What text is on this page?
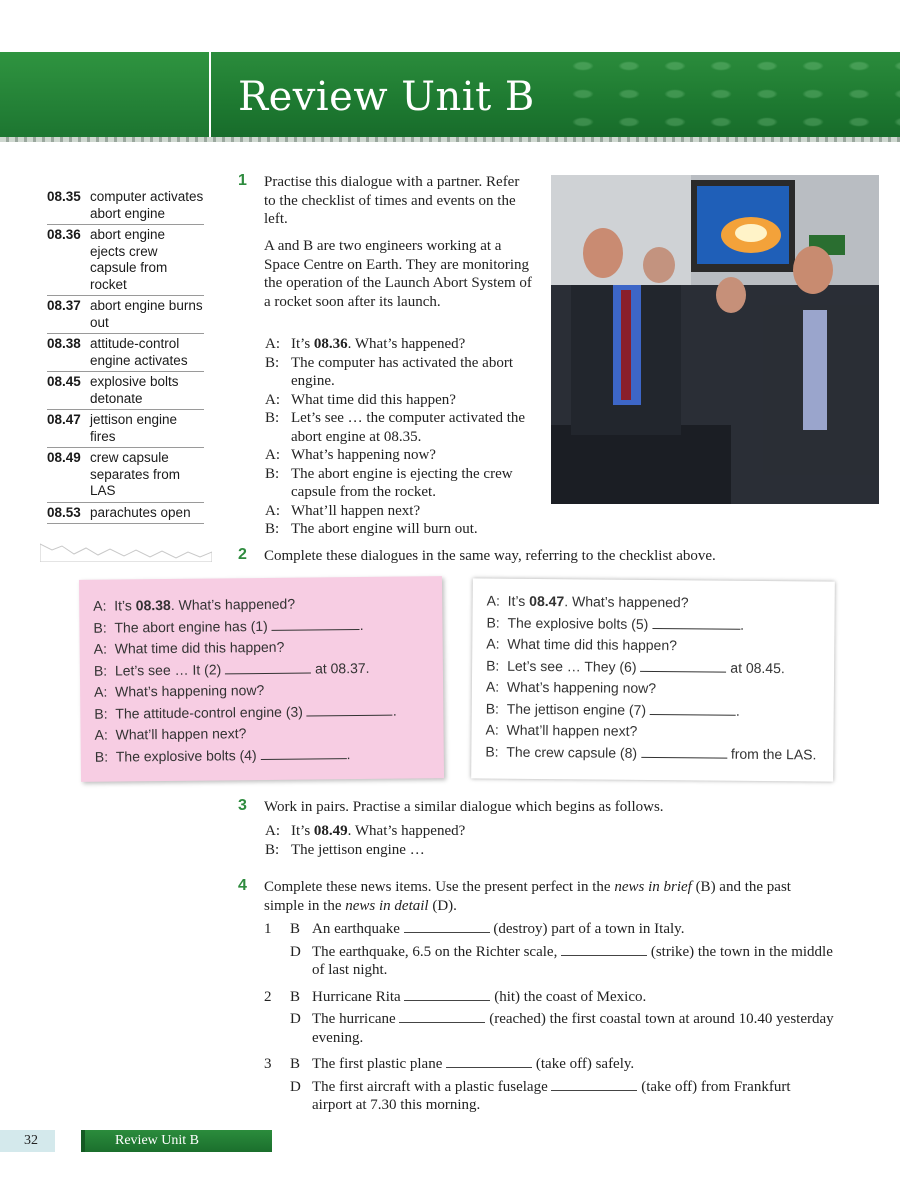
Review Unit B
08.35 computer activates abort engine
08.36 abort engine ejects crew capsule from rocket
08.37 abort engine burns out
08.38 attitude-control engine activates
08.45 explosive bolts detonate
08.47 jettison engine fires
08.49 crew capsule separates from LAS
08.53 parachutes open
1 Practise this dialogue with a partner. Refer to the checklist of times and events on the left.
A and B are two engineers working at a Space Centre on Earth. They are monitoring the operation of the Launch Abort System of a rocket soon after its launch.
A: It’s 08.36. What’s happened?
B: The computer has activated the abort engine.
A: What time did this happen?
B: Let’s see … the computer activated the abort engine at 08.35.
A: What’s happening now?
B: The abort engine is ejecting the crew capsule from the rocket.
A: What’ll happen next?
B: The abort engine will burn out.
2 Complete these dialogues in the same way, referring to the checklist above.
A: It’s 08.38. What’s happened?
B: The abort engine has (1)	.
A: What time did this happen?
B: Let’s see … It (2)	at 08.37.
A: What’s happening now?
B: The attitude-control engine (3)	.
A: What’ll happen next?
B: The explosive bolts (4)	.
A: It’s 08.47. What’s happened?
B: The explosive bolts (5)	.
A: What time did this happen?
B: Let’s see … They (6)	at 08.45.
A: What’s happening now?
B: The jettison engine (7)	.
A: What’ll happen next?
B: The crew capsule (8)	from the LAS.
3 Work in pairs. Practise a similar dialogue which begins as follows.
A: It’s 08.49. What’s happened?
B: The jettison engine …
4 Complete these news items. Use the present perfect in the news in brief (B) and the past simple in the news in detail (D).
1	B An earthquake	(destroy) part of a town in Italy.
D The earthquake, 6.5 on the Richter scale,	(strike) the town in the middle of last night.
2	B Hurricane Rita	(hit) the coast of Mexico.
D The hurricane	(reached) the first coastal town at around 10.40 yesterday evening.
3	B The first plastic plane	(take off) safely.
D The first aircraft with a plastic fuselage	(take off) from Frankfurt airport at 7.30 this morning.
32	Review Unit B
